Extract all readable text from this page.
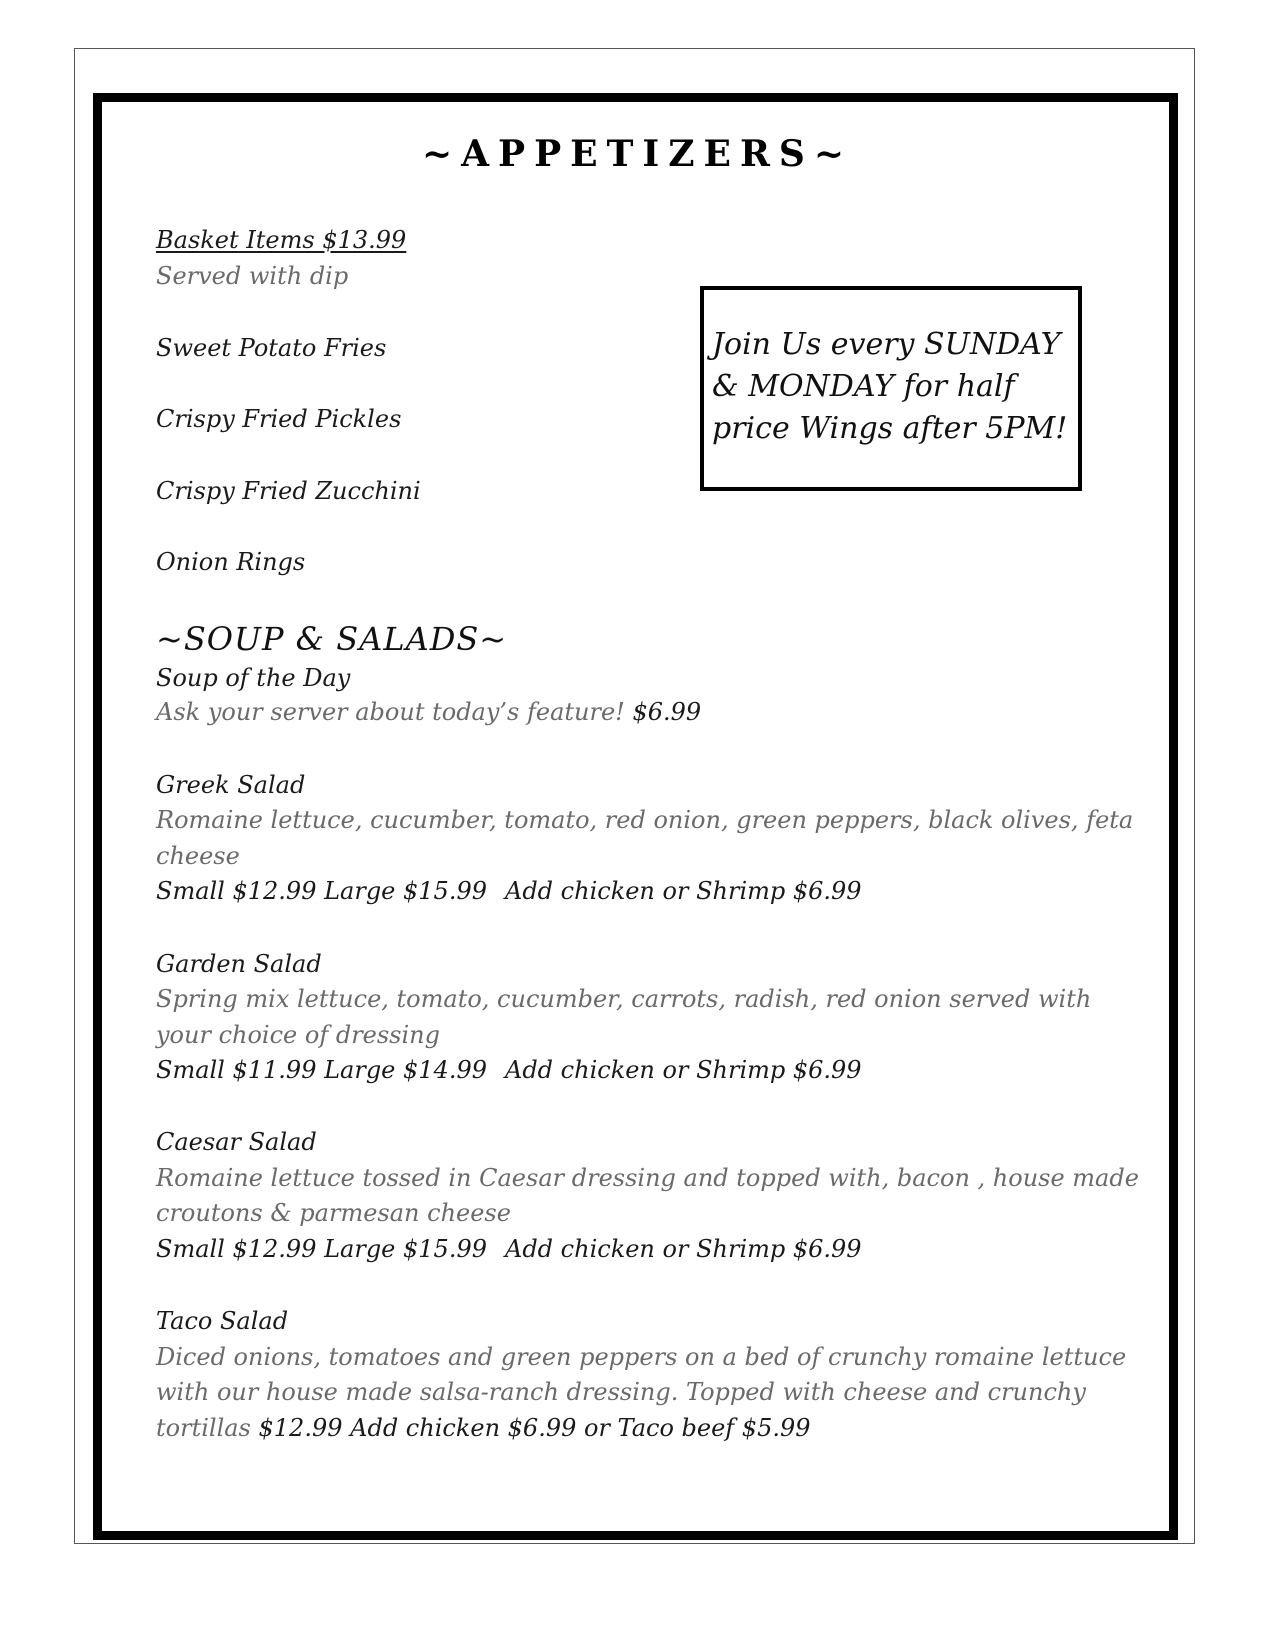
~APPETIZERS~
Basket Items $13.99
Served with dip
Sweet Potato Fries
Crispy Fried Pickles
Crispy Fried Zucchini
Onion Rings
Join Us every SUNDAY & MONDAY for half price Wings after 5PM!
~SOUP & SALADS~
Soup of the Day
Ask your server about today’s feature! $6.99
Greek Salad
Romaine lettuce, cucumber, tomato, red onion, green peppers, black olives, feta
cheese
Small $12.99 Large $15.99 Add chicken or Shrimp $6.99
Garden Salad
Spring mix lettuce, tomato, cucumber, carrots, radish, red onion served with
your choice of dressing
Small $11.99 Large $14.99 Add chicken or Shrimp $6.99
Caesar Salad
Romaine lettuce tossed in Caesar dressing and topped with, bacon , house made
croutons & parmesan cheese
Small $12.99 Large $15.99 Add chicken or Shrimp $6.99
Taco Salad
Diced onions, tomatoes and green peppers on a bed of crunchy romaine lettuce
with our house made salsa-ranch dressing. Topped with cheese and crunchy
tortillas $12.99 Add chicken $6.99 or Taco beef $5.99
